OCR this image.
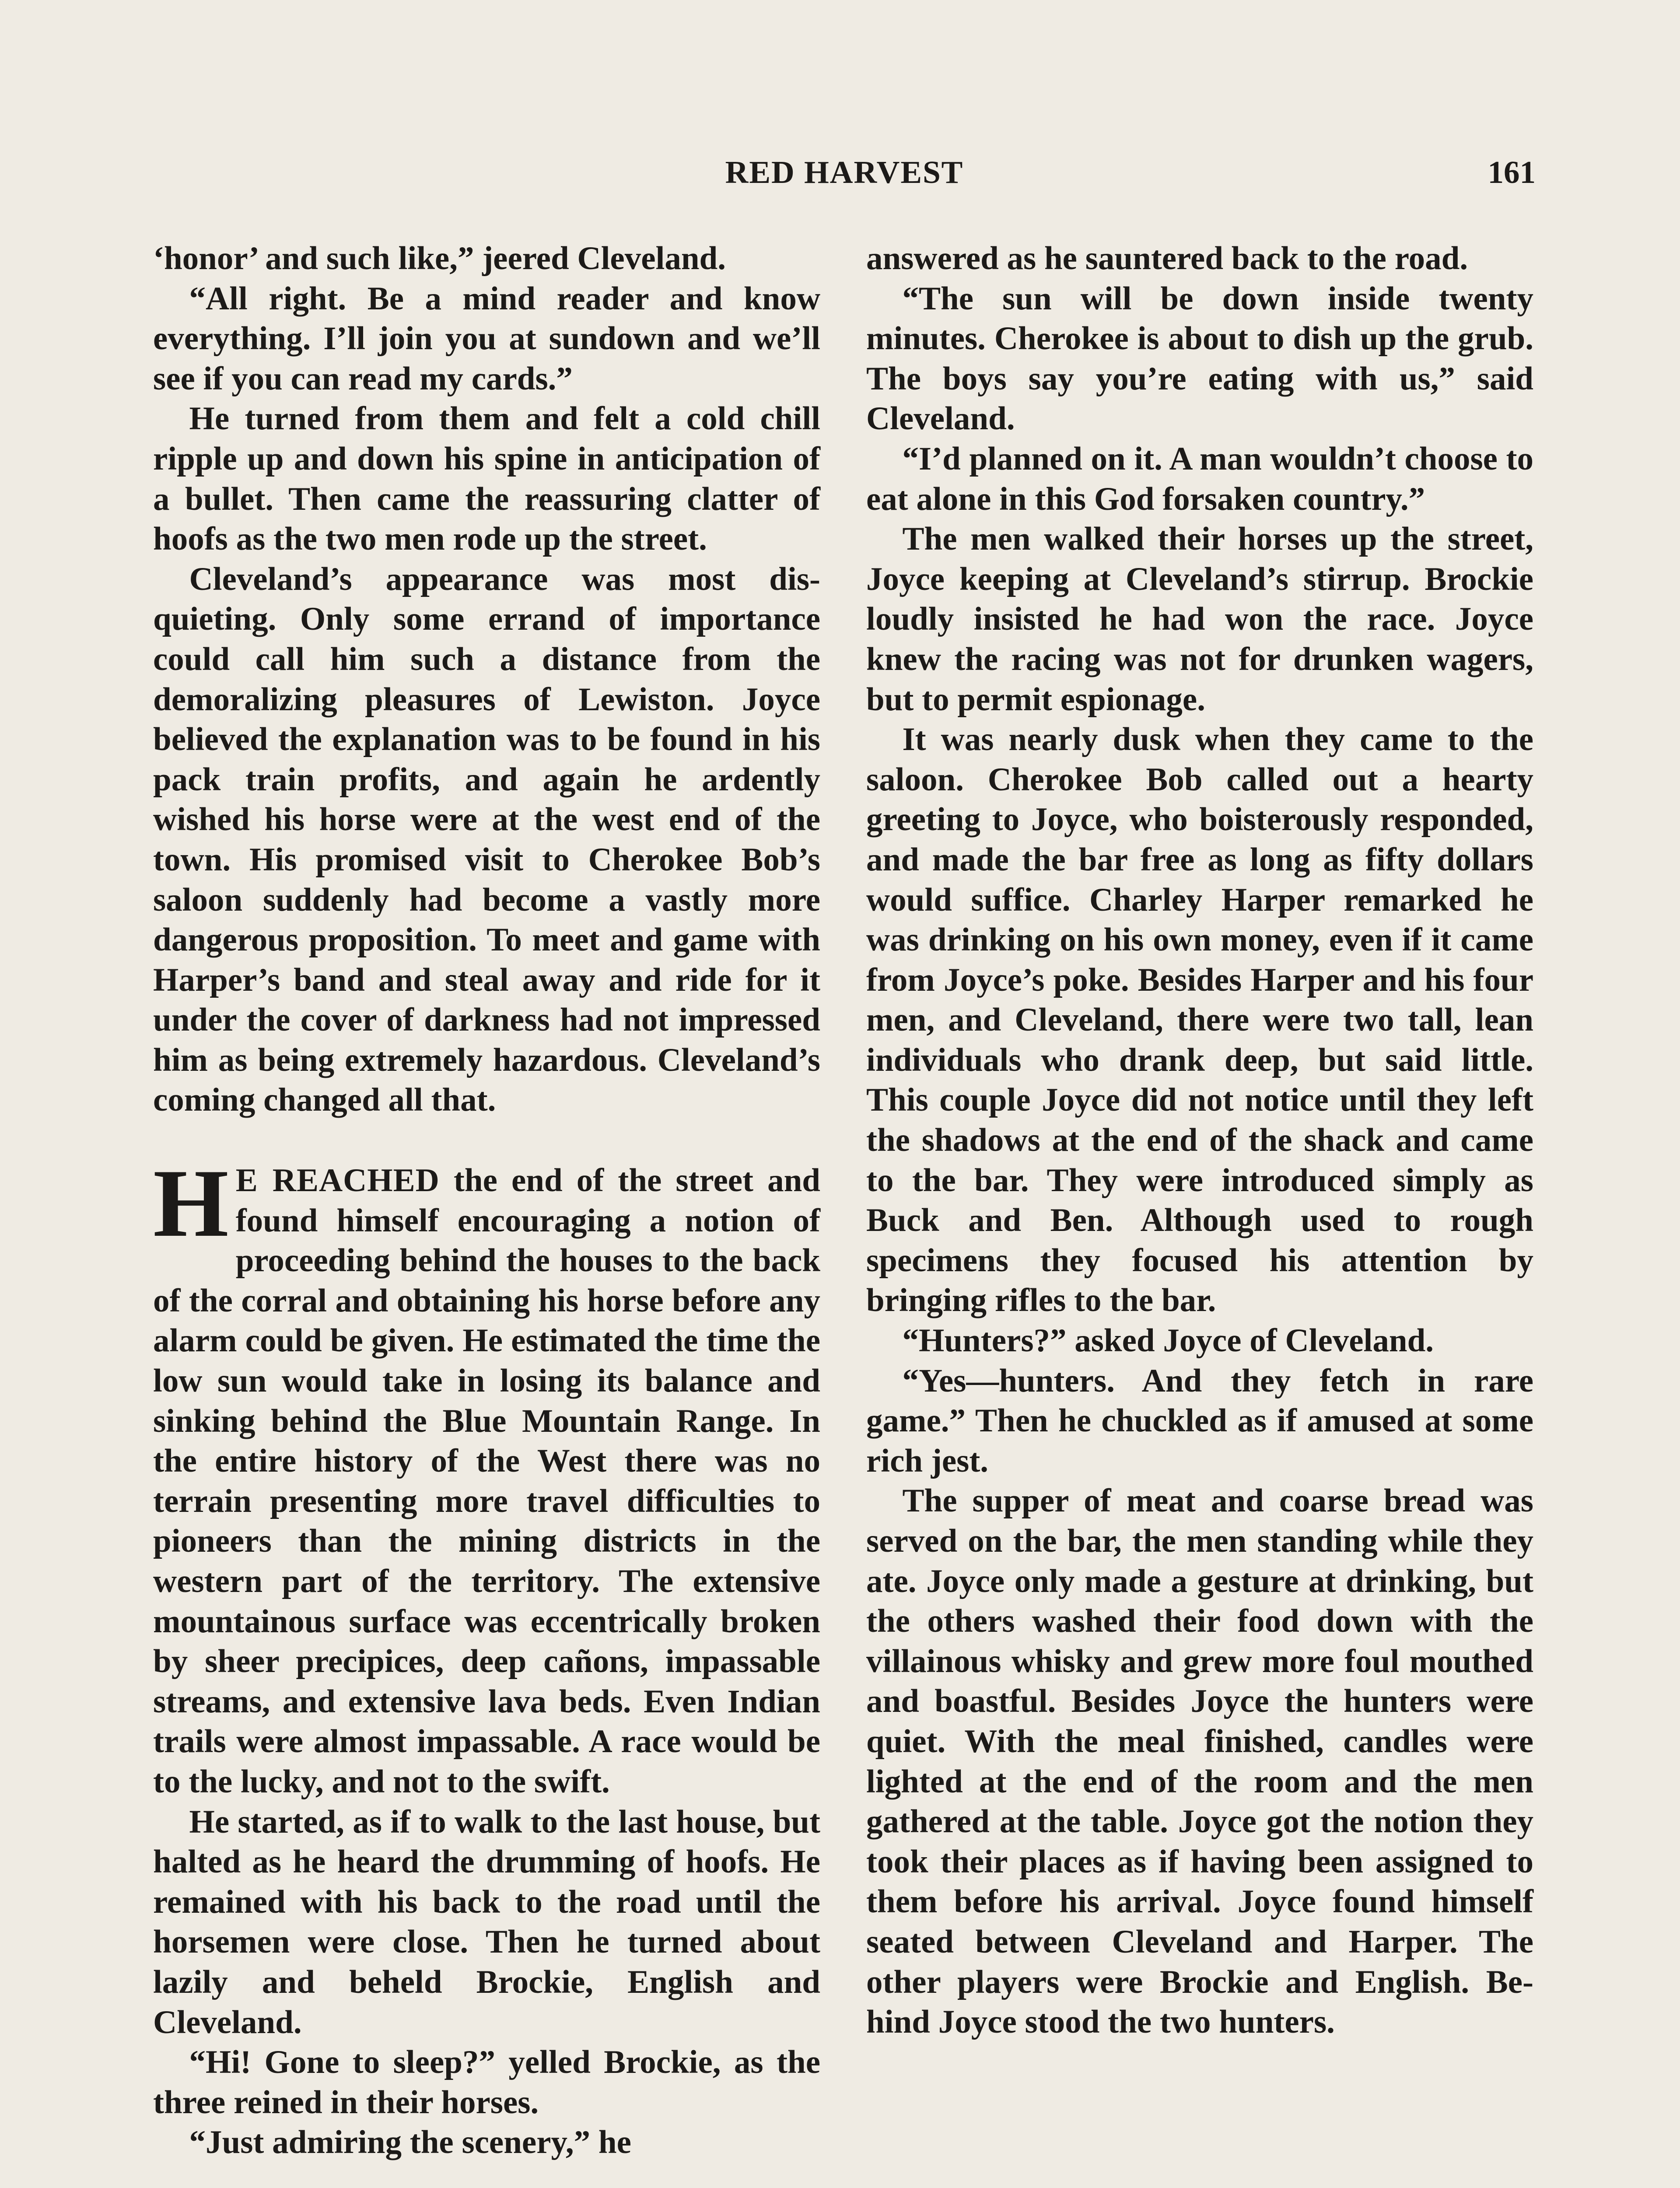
RED HARVEST	161

‘honor’ and such like,” jeered Cleveland.

“All right. Be a mind reader and know everything. I’ll join you at sundown and we’ll see if you can read my cards.”

He turned from them and felt a cold chill ripple up and down his spine in anticipation of a bullet. Then came the reassuring clatter of hoofs as the two men rode up the street.

Cleveland’s appearance was most disquieting. Only some errand of importance could call him such a distance from the demoralizing pleasures of Lewiston. Joyce believed the explanation was to be found in his pack train profits, and again he ardently wished his horse were at the west end of the town. His promised visit to Cherokee Bob’s saloon suddenly had become a vastly more dangerous proposition. To meet and game with Harper’s band and steal away and ride for it under the cover of darkness had not impressed him as being extremely hazardous. Cleveland’s coming changed all that.

H E REACHED the end of the street and found himself encouraging a notion of proceeding behind the houses to the back of the corral and obtaining his horse before any alarm could be given. He estimated the time the low sun would take in losing its balance and sinking behind the Blue Mountain Range. In the entire history of the West there was no terrain presenting more travel difficulties to pioneers than the mining districts in the western part of the territory. The extensive mountainous surface was eccentrically broken by sheer precipices, deep cañons, impassable streams, and extensive lava beds. Even Indian trails were almost impassable. A race would be to the lucky, and not to the swift.

He started, as if to walk to the last house, but halted as he heard the drumming of hoofs. He remained with his back to the road until the horsemen were close. Then he turned about lazily and beheld Brockie, English and Cleveland.

“Hi! Gone to sleep?” yelled Brockie, as the three reined in their horses.

“Just admiring the scenery,” he

answered as he sauntered back to the road.

“The sun will be down inside twenty minutes. Cherokee is about to dish up the grub. The boys say you’re eating with us,” said Cleveland.

“I’d planned on it. A man wouldn’t choose to eat alone in this God forsaken country.”

The men walked their horses up the street, Joyce keeping at Cleveland’s stirrup. Brockie loudly insisted he had won the race. Joyce knew the racing was not for drunken wagers, but to permit espionage.

It was nearly dusk when they came to the saloon. Cherokee Bob called out a hearty greeting to Joyce, who boisterously responded, and made the bar free as long as fifty dollars would suffice. Charley Harper remarked he was drinking on his own money, even if it came from Joyce’s poke. Besides Harper and his four men, and Cleveland, there were two tall, lean individuals who drank deep, but said little. This couple Joyce did not notice until they left the shadows at the end of the shack and came to the bar. They were introduced simply as Buck and Ben. Although used to rough specimens they focused his attention by bringing rifles to the bar.

“Hunters?” asked Joyce of Cleveland.

“Yes—hunters. And they fetch in rare game.” Then he chuckled as if amused at some rich jest.

The supper of meat and coarse bread was served on the bar, the men standing while they ate. Joyce only made a gesture at drinking, but the others washed their food down with the villainous whisky and grew more foul mouthed and boastful. Besides Joyce the hunters were quiet. With the meal finished, candles were lighted at the end of the room and the men gathered at the table. Joyce got the notion they took their places as if having been assigned to them before his arrival. Joyce found himself seated between Cleveland and Harper. The other players were Brockie and English. Behind Joyce stood the two hunters.
